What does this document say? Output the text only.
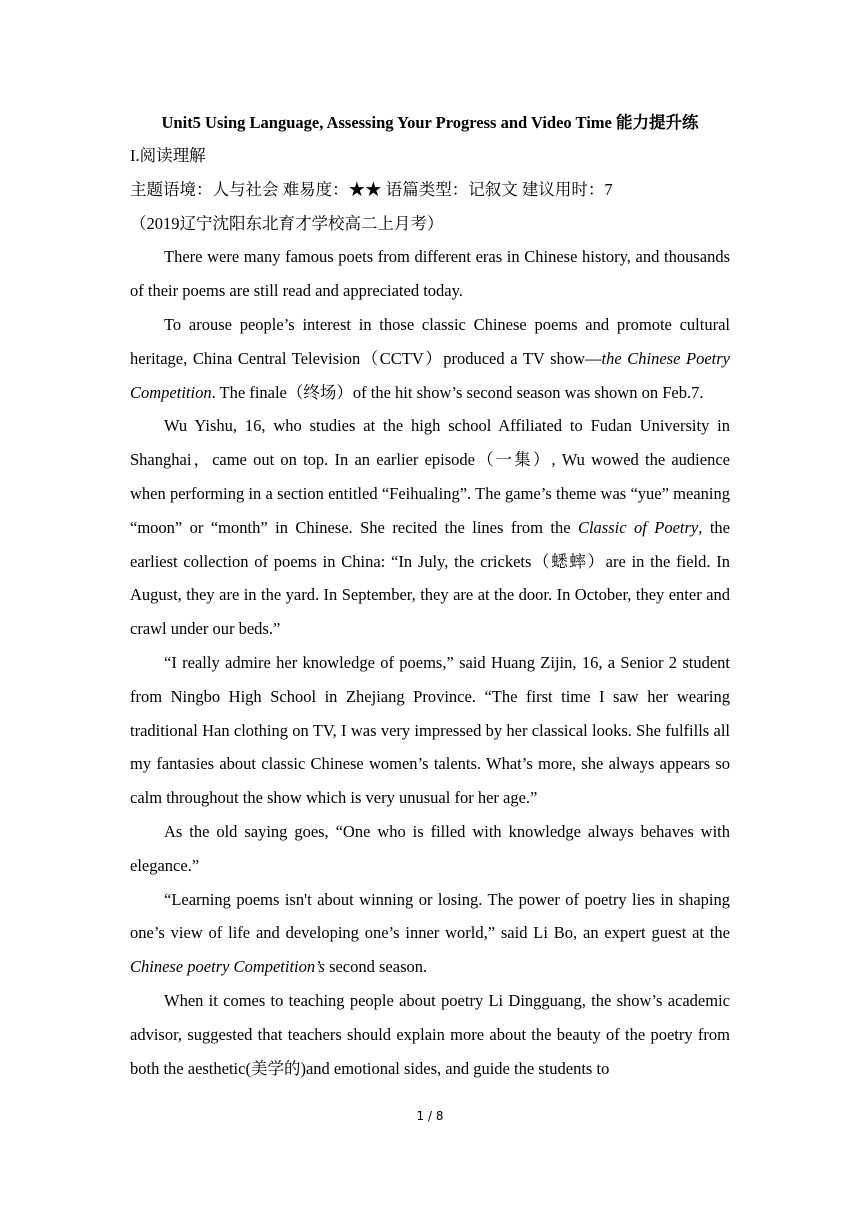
Unit5 Using Language, Assessing Your Progress and Video Time 能力提升练

I.阅读理解

主题语境：人与社会 难易度：★★ 语篇类型：记叙文 建议用时：7

（2019辽宁沈阳东北育才学校高二上月考）

There were many famous poets from different eras in Chinese history, and thousands of their poems are still read and appreciated today.

To arouse people’s interest in those classic Chinese poems and promote cultural heritage, China Central Television（CCTV）produced a TV show—the Chinese Poetry Competition. The finale（终场）of the hit show’s second season was shown on Feb.7.

Wu Yishu, 16, who studies at the high school Affiliated to Fudan University in Shanghai，came out on top. In an earlier episode（一集）, Wu wowed the audience when performing in a section entitled “Feihualing”. The game’s theme was “yue” meaning “moon” or “month” in Chinese. She recited the lines from the Classic of Poetry, the earliest collection of poems in China: “In July, the crickets（蟋蟀）are in the field. In August, they are in the yard. In September, they are at the door. In October, they enter and crawl under our beds.”

“I really admire her knowledge of poems,” said Huang Zijin, 16, a Senior 2 student from Ningbo High School in Zhejiang Province. “The first time I saw her wearing traditional Han clothing on TV, I was very impressed by her classical looks. She fulfills all my fantasies about classic Chinese women’s talents. What’s more, she always appears so calm throughout the show which is very unusual for her age.”

As the old saying goes, “One who is filled with knowledge always behaves with elegance.”

“Learning poems isn't about winning or losing. The power of poetry lies in shaping one’s view of life and developing one’s inner world,” said Li Bo, an expert guest at the Chinese poetry Competition’s second season.

When it comes to teaching people about poetry Li Dingguang, the show’s academic advisor, suggested that teachers should explain more about the beauty of the poetry from both the aesthetic(美学的)and emotional sides, and guide the students to

1 / 8
